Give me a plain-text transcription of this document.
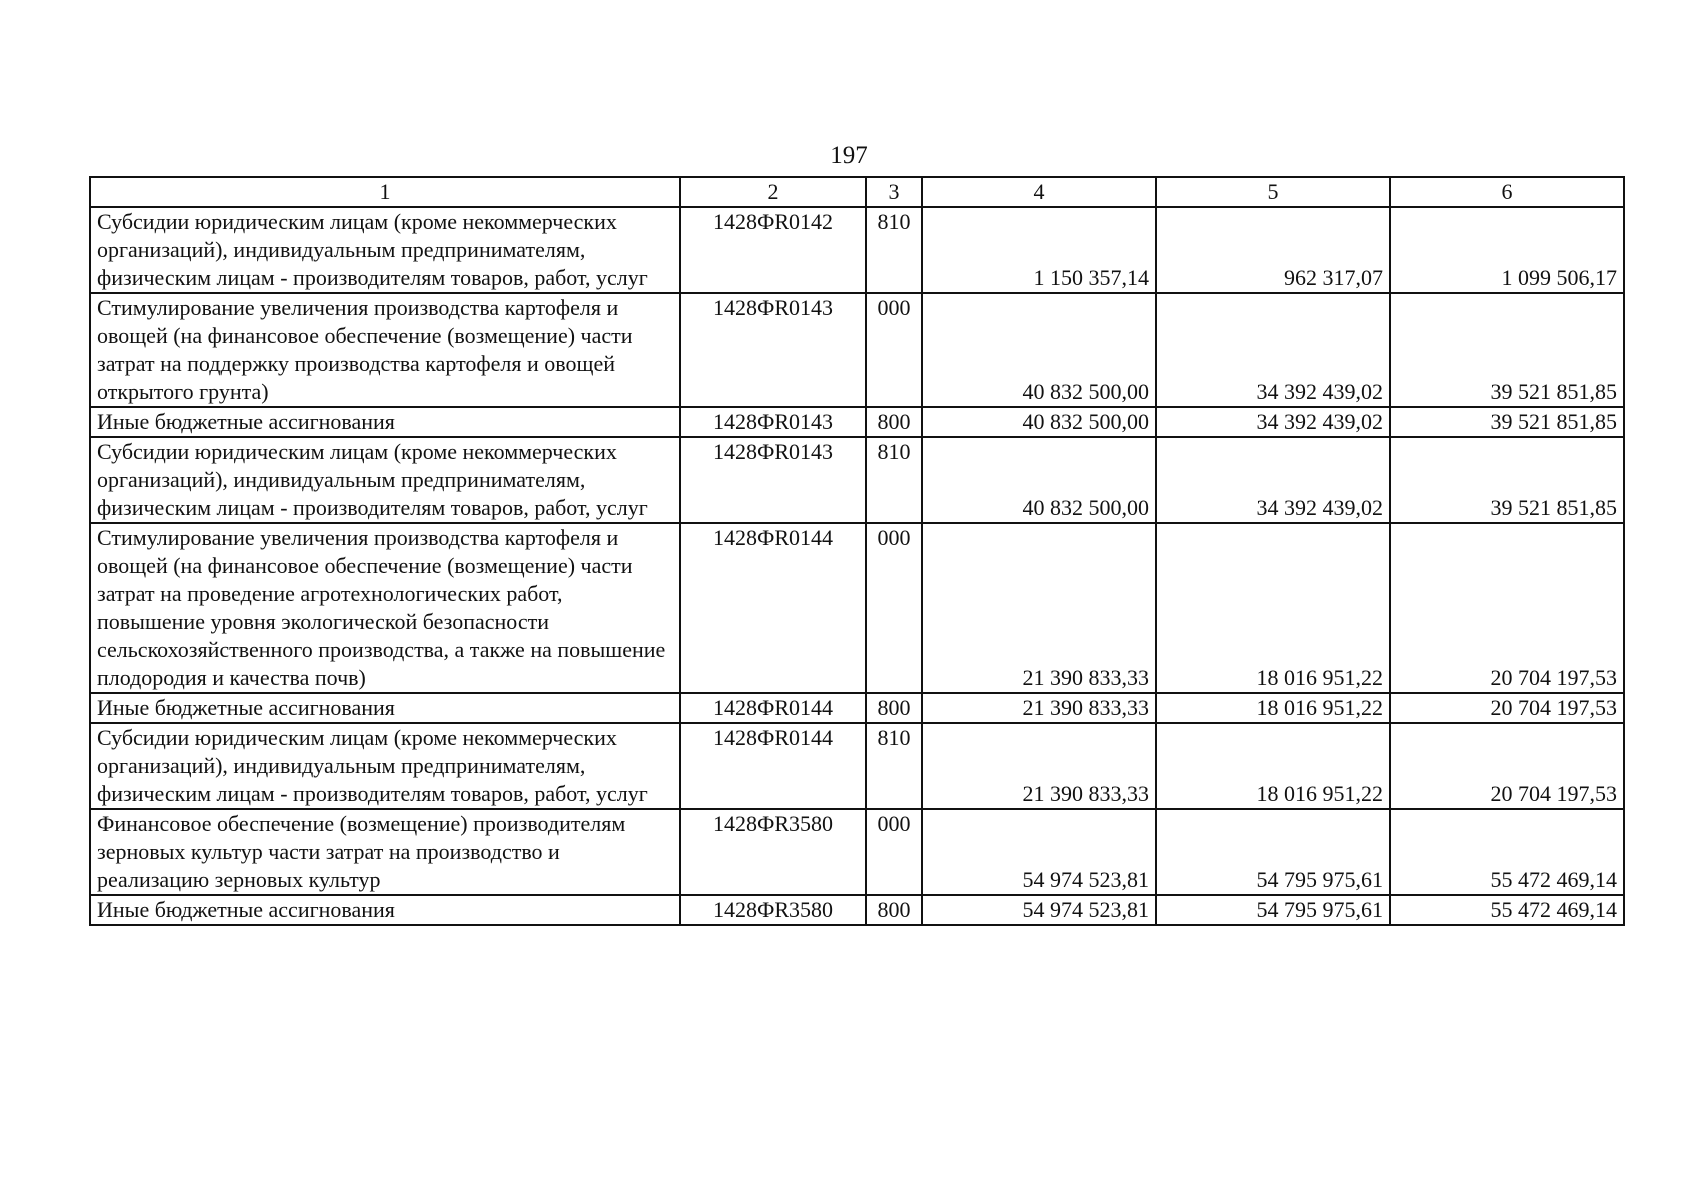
197
1	2	3	4	5	6
Субсидии юридическим лицам (кроме некоммерческих организаций), индивидуальным предпринимателям, физическим лицам - производителям товаров, работ, услуг	1428ФR0142	810	1 150 357,14	962 317,07	1 099 506,17
Стимулирование увеличения производства картофеля и овощей (на финансовое обеспечение (возмещение) части затрат на поддержку производства картофеля и овощей открытого грунта)	1428ФR0143	000	40 832 500,00	34 392 439,02	39 521 851,85
Иные бюджетные ассигнования	1428ФR0143	800	40 832 500,00	34 392 439,02	39 521 851,85
Субсидии юридическим лицам (кроме некоммерческих организаций), индивидуальным предпринимателям, физическим лицам - производителям товаров, работ, услуг	1428ФR0143	810	40 832 500,00	34 392 439,02	39 521 851,85
Стимулирование увеличения производства картофеля и овощей (на финансовое обеспечение (возмещение) части затрат на проведение агротехнологических работ, повышение уровня экологической безопасности сельскохозяйственного производства, а также на повышение плодородия и качества почв)	1428ФR0144	000	21 390 833,33	18 016 951,22	20 704 197,53
Иные бюджетные ассигнования	1428ФR0144	800	21 390 833,33	18 016 951,22	20 704 197,53
Субсидии юридическим лицам (кроме некоммерческих организаций), индивидуальным предпринимателям, физическим лицам - производителям товаров, работ, услуг	1428ФR0144	810	21 390 833,33	18 016 951,22	20 704 197,53
Финансовое обеспечение (возмещение) производителям зерновых культур части затрат на производство и реализацию зерновых культур	1428ФR3580	000	54 974 523,81	54 795 975,61	55 472 469,14
Иные бюджетные ассигнования	1428ФR3580	800	54 974 523,81	54 795 975,61	55 472 469,14
